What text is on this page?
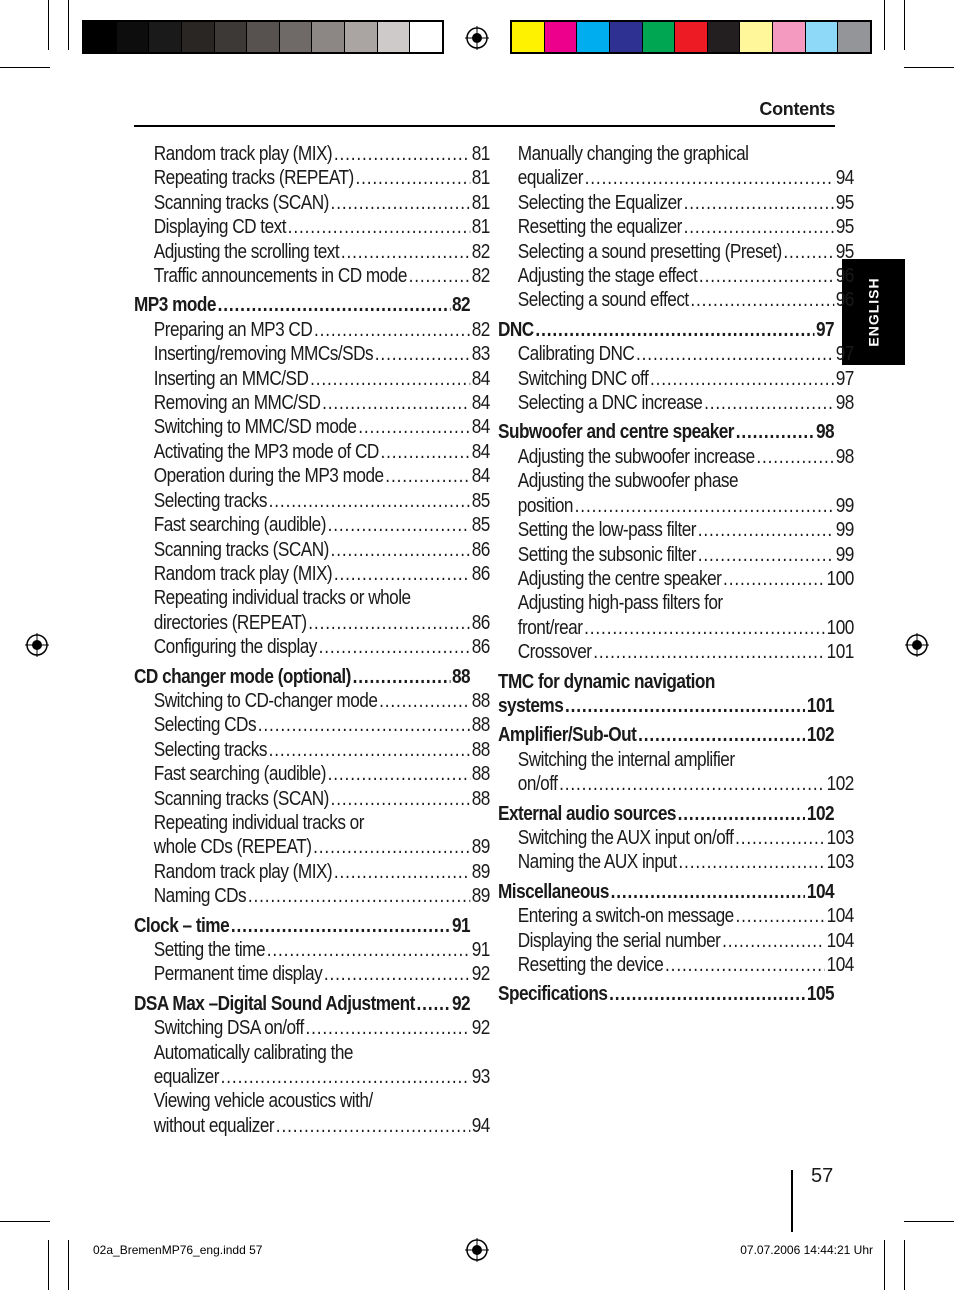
Contents
ENGLISH
Random track play (MIX) .....	81
Repeating tracks (REPEAT) .....	81
Scanning tracks (SCAN) .....	81
Displaying CD text .....	81
Adjusting the scrolling text .....	82
Traffic announcements in CD mode .....	82
MP3 mode .....	82
Preparing an MP3 CD .....	82
Inserting/removing MMCs/SDs .....	83
Inserting an MMC/SD .....	84
Removing an MMC/SD .....	84
Switching to MMC/SD mode .....	84
Activating the MP3 mode of CD .....	84
Operation during the MP3 mode .....	84
Selecting tracks .....	85
Fast searching (audible) .....	85
Scanning tracks (SCAN) .....	86
Random track play (MIX) .....	86
Repeating individual tracks or whole
directories (REPEAT) .....	86
Configuring the display .....	86
CD changer mode (optional) .....	88
Switching to CD-changer mode .....	88
Selecting CDs .....	88
Selecting tracks .....	88
Fast searching (audible) .....	88
Scanning tracks (SCAN) .....	88
Repeating individual tracks or
whole CDs (REPEAT) .....	89
Random track play (MIX) .....	89
Naming CDs .....	89
Clock – time .....	91
Setting the time .....	91
Permanent time display .....	92
DSA Max –Digital Sound Adjustment ..... 92
Switching DSA on/off .....	92
Automatically calibrating the
equalizer .....	93
Viewing vehicle acoustics with/
without equalizer .....	94
Manually changing the graphical
equalizer .....	94
Selecting the Equalizer .....	95
Resetting the equalizer .....	95
Selecting a sound presetting (Preset) .....	95
Adjusting the stage effect .....	96
Selecting a sound effect .....	96
DNC .....	97
Calibrating DNC .....	97
Switching DNC off .....	97
Selecting a DNC increase .....	98
Subwoofer and centre speaker .....	98
Adjusting the subwoofer increase .....	98
Adjusting the subwoofer phase
position .....	99
Setting the low-pass filter .....	99
Setting the subsonic filter .....	99
Adjusting the centre speaker .....	100
Adjusting high-pass filters for
front/rear .....	100
Crossover .....	101
TMC for dynamic navigation
systems .....	101
Amplifier/Sub-Out .....	102
Switching the internal amplifier
on/off .....	102
External audio sources .....	102
Switching the AUX input on/off .....	103
Naming the AUX input .....	103
Miscellaneous .....	104
Entering a switch-on message .....	104
Displaying the serial number .....	104
Resetting the device .....	104
Specifications .....	105
57
02a_BremenMP76_eng.indd 57	07.07.2006 14:44:21 Uhr
